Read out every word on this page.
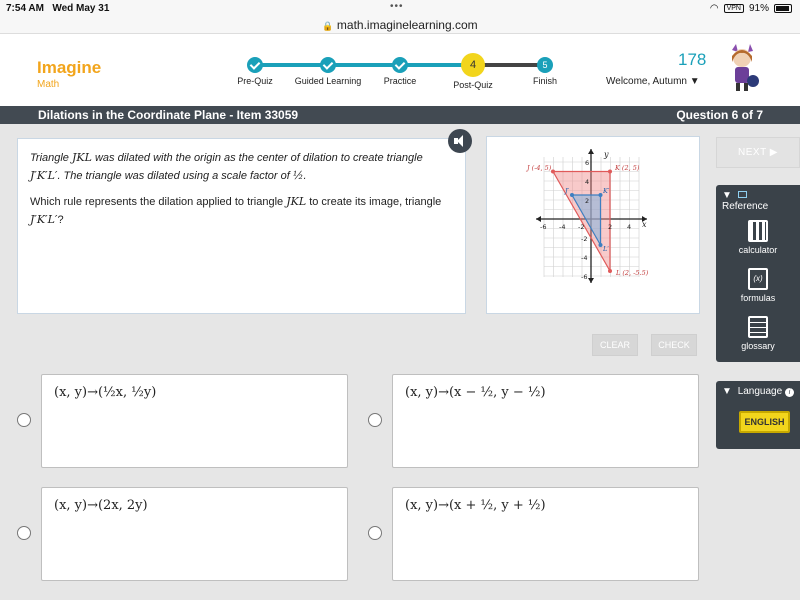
7:54 AM Wed May 31	•••	◠	VPN 91%
🔒 math.imaginelearning.com
Imagine
Math
4	5
Pre-Quiz	Guided Learning	Practice	Post-Quiz	Finish
178
Welcome, Autumn ▼
Dilations in the Coordinate Plane - Item 33059	Question 6 of 7

Triangle JKL was dilated with the origin as the center of dilation to create triangle J′K′L′. The triangle was dilated using a scale factor of ½.

Which rule represents the dilation applied to triangle JKL to create its image, triangle J′K′L′?

J (-4, 5)	K (2, 5)
L (2, -5.5)
J′	K′
L′
x
y
-6 -4 -2	2 4
6
4
2
-2
-4
-6
NEXT ▶
▼  Reference
calculator
(x)
formulas
glossary
▼ Language i
ENGLISH
CLEAR	CHECK
(x, y)→(½x, ½y)	(x, y)→(x − ½, y − ½)
(x, y)→(2x, 2y)	(x, y)→(x + ½, y + ½)
